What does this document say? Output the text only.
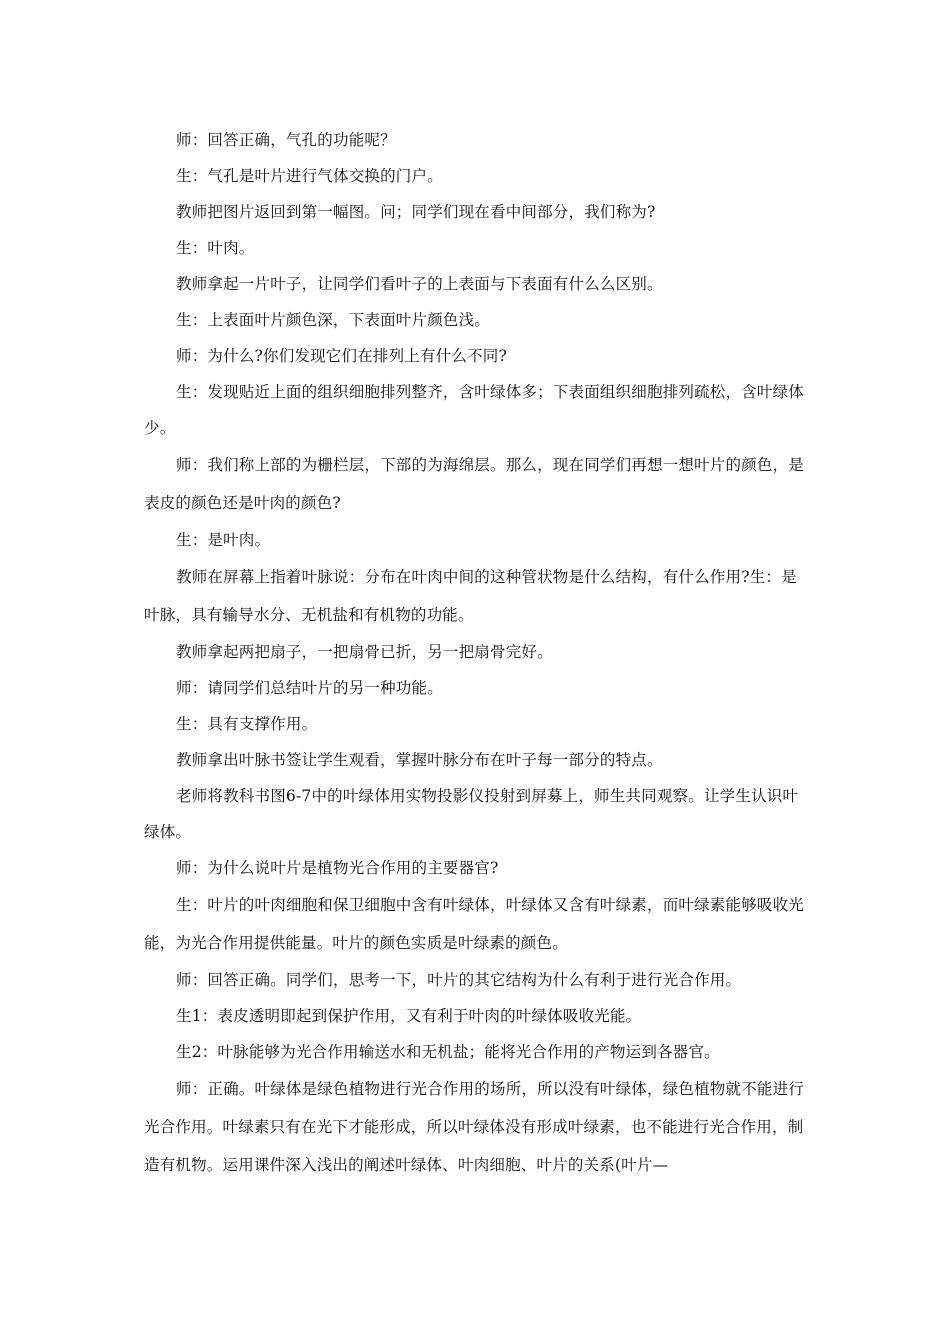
师：回答正确，气孔的功能呢？

生：气孔是叶片进行气体交换的门户。

教师把图片返回到第一幅图。问；同学们现在看中间部分，我们称为?

生：叶肉。

教师拿起一片叶子，让同学们看叶子的上表面与下表面有什么么区别。

生：上表面叶片颜色深，下表面叶片颜色浅。

师：为什么?你们发现它们在排列上有什么不同?

生：发现贴近上面的组织细胞排列整齐，含叶绿体多；下表面组织细胞排列疏松，含叶绿体少。

师：我们称上部的为栅栏层，下部的为海绵层。那么，现在同学们再想一想叶片的颜色，是表皮的颜色还是叶肉的颜色?

生：是叶肉。

教师在屏幕上指着叶脉说：分布在叶肉中间的这种管状物是什么结构，有什么作用?生：是叶脉，具有输导水分、无机盐和有机物的功能。

教师拿起两把扇子，一把扇骨已折，另一把扇骨完好。

师：请同学们总结叶片的另一种功能。

生：具有支撑作用。

教师拿出叶脉书签让学生观看，掌握叶脉分布在叶子每一部分的特点。

老师将教科书图6-7中的叶绿体用实物投影仪投射到屏募上，师生共同观察。让学生认识叶绿体。

师：为什么说叶片是植物光合作用的主要器官?

生：叶片的叶肉细胞和保卫细胞中含有叶绿体，叶绿体又含有叶绿素，而叶绿素能够吸收光能，为光合作用提供能量。叶片的颜色实质是叶绿素的颜色。

师：回答正确。同学们，思考一下，叶片的其它结构为什么有利于进行光合作用。

生1：表皮透明即起到保护作用，又有利于叶肉的叶绿体吸收光能。

生2：叶脉能够为光合作用输送水和无机盐；能将光合作用的产物运到各器官。

师：正确。叶绿体是绿色植物进行光合作用的场所，所以没有叶绿体，绿色植物就不能进行光合作用。叶绿素只有在光下才能形成，所以叶绿体没有形成叶绿素，也不能进行光合作用，制造有机物。运用课件深入浅出的阐述叶绿体、叶肉细胞、叶片的关系(叶片—
